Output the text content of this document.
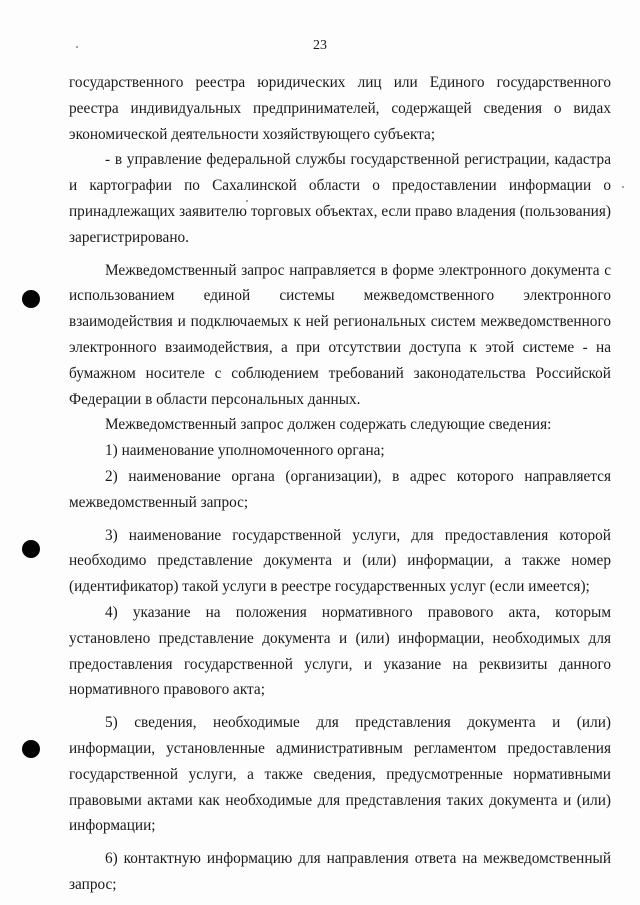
23

государственного реестра юридических лиц или Единого государственного реестра индивидуальных предпринимателей, содержащей сведения о видах экономической деятельности хозяйствующего субъекта;

- в управление федеральной службы государственной регистрации, кадастра и картографии по Сахалинской области о предоставлении информации о принадлежащих заявителю торговых объектах, если право владения (пользования) зарегистрировано.

Межведомственный запрос направляется в форме электронного документа с использованием единой системы межведомственного электронного взаимодействия и подключаемых к ней региональных систем межведомственного электронного взаимодействия, а при отсутствии доступа к этой системе - на бумажном носителе с соблюдением требований законодательства Российской Федерации в области персональных данных.

Межведомственный запрос должен содержать следующие сведения:

1) наименование уполномоченного органа;

2) наименование органа (организации), в адрес которого направляется межведомственный запрос;

3) наименование государственной услуги, для предоставления которой необходимо представление документа и (или) информации, а также номер (идентификатор) такой услуги в реестре государственных услуг (если имеется);

4) указание на положения нормативного правового акта, которым установлено представление документа и (или) информации, необходимых для предоставления государственной услуги, и указание на реквизиты данного нормативного правового акта;

5) сведения, необходимые для представления документа и (или) информации, установленные административным регламентом предоставления государственной услуги, а также сведения, предусмотренные нормативными правовыми актами как необходимые для представления таких документа и (или) информации;

6) контактную информацию для направления ответа на межведомственный запрос;
